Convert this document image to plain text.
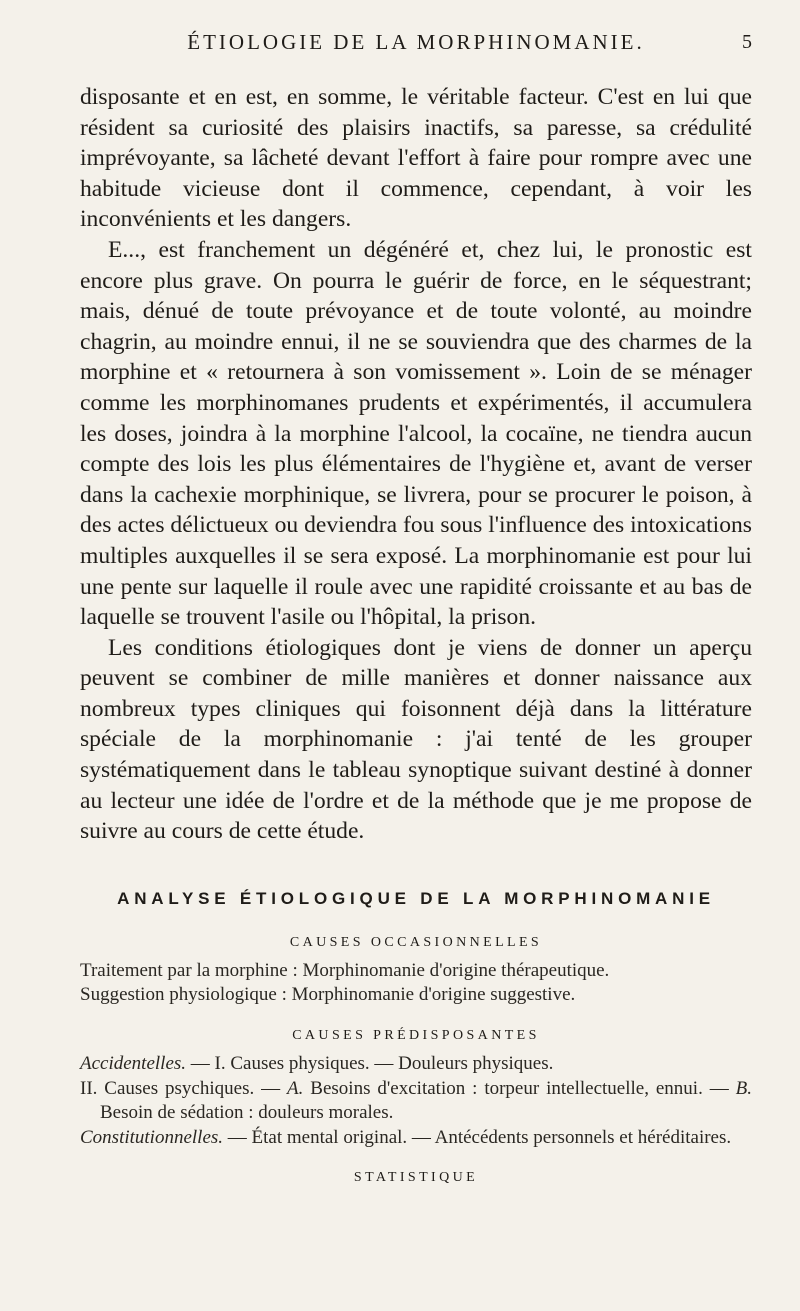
ÉTIOLOGIE DE LA MORPHINOMANIE.	5

disposante et en est, en somme, le véritable facteur. C'est en lui que résident sa curiosité des plaisirs inactifs, sa paresse, sa crédulité imprévoyante, sa lâcheté devant l'effort à faire pour rompre avec une habitude vicieuse dont il commence, cependant, à voir les inconvénients et les dangers.

E..., est franchement un dégénéré et, chez lui, le pronostic est encore plus grave. On pourra le guérir de force, en le séquestrant; mais, dénué de toute prévoyance et de toute volonté, au moindre chagrin, au moindre ennui, il ne se souviendra que des charmes de la morphine et « retournera à son vomissement ». Loin de se ménager comme les morphinomanes prudents et expérimentés, il accumulera les doses, joindra à la morphine l'alcool, la cocaïne, ne tiendra aucun compte des lois les plus élémentaires de l'hygiène et, avant de verser dans la cachexie morphinique, se livrera, pour se procurer le poison, à des actes délictueux ou deviendra fou sous l'influence des intoxications multiples auxquelles il se sera exposé. La morphinomanie est pour lui une pente sur laquelle il roule avec une rapidité croissante et au bas de laquelle se trouvent l'asile ou l'hôpital, la prison.

Les conditions étiologiques dont je viens de donner un aperçu peuvent se combiner de mille manières et donner naissance aux nombreux types cliniques qui foisonnent déjà dans la littérature spéciale de la morphinomanie : j'ai tenté de les grouper systématiquement dans le tableau synoptique suivant destiné à donner au lecteur une idée de l'ordre et de la méthode que je me propose de suivre au cours de cette étude.

ANALYSE ÉTIOLOGIQUE DE LA MORPHINOMANIE
CAUSES OCCASIONNELLES

Traitement par la morphine : Morphinomanie d'origine thérapeutique.

Suggestion physiologique : Morphinomanie d'origine suggestive.

CAUSES PRÉDISPOSANTES

Accidentelles. — I. Causes physiques. — Douleurs physiques.

II. Causes psychiques. — A. Besoins d'excitation : torpeur intellectuelle, ennui. — B. Besoin de sédation : douleurs morales.

Constitutionnelles. — État mental original. — Antécédents personnels et héréditaires.

STATISTIQUE
